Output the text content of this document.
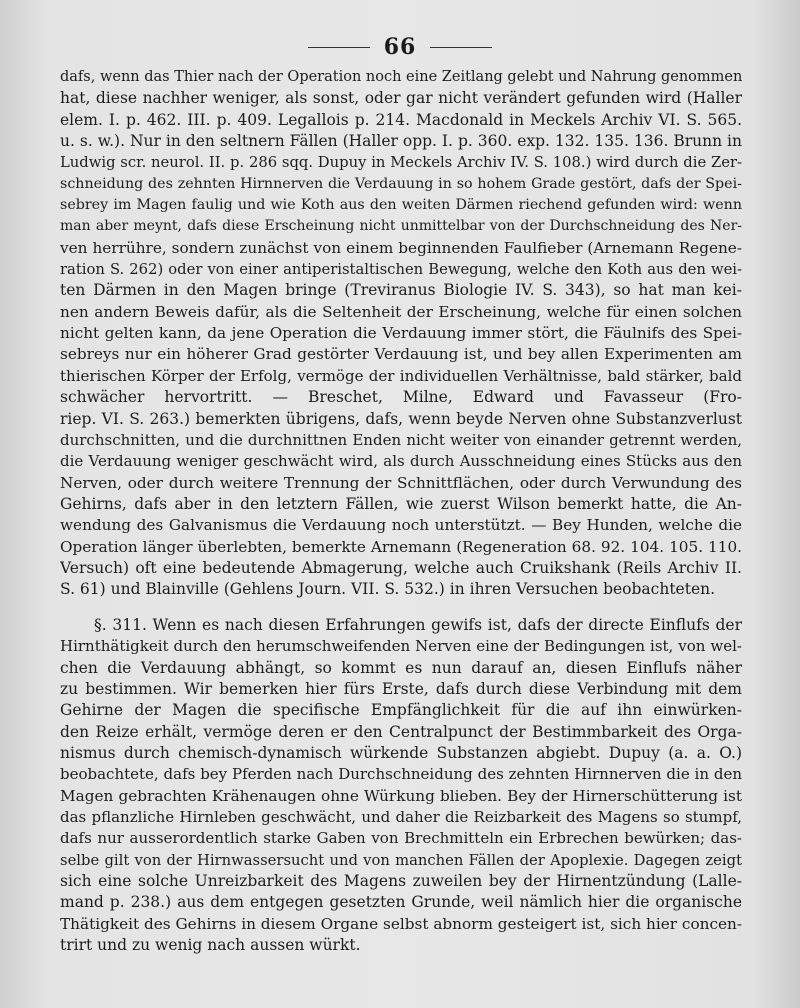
66
dafs, wenn das Thier nach der Operation noch eine Zeitlang gelebt und Nahrung genommen
hat, diese nachher weniger, als sonst, oder gar nicht verändert gefunden wird (Haller
elem. I. p. 462. III. p. 409. Legallois p. 214. Macdonald in Meckels Archiv VI. S. 565.
u. s. w.). Nur in den seltnern Fällen (Haller opp. I. p. 360. exp. 132. 135. 136. Brunn in
Ludwig scr. neurol. II. p. 286 sqq. Dupuy in Meckels Archiv IV. S. 108.) wird durch die Zer-
schneidung des zehnten Hirnnerven die Verdauung in so hohem Grade gestört, dafs der Spei-
sebrey im Magen faulig und wie Koth aus den weiten Därmen riechend gefunden wird: wenn
man aber meynt, dafs diese Erscheinung nicht unmittelbar von der Durchschneidung des Ner-
ven herrühre, sondern zunächst von einem beginnenden Faulfieber (Arnemann Regene-
ration S. 262) oder von einer antiperistaltischen Bewegung, welche den Koth aus den wei-
ten Därmen in den Magen bringe (Treviranus Biologie IV. S. 343), so hat man kei-
nen andern Beweis dafür, als die Seltenheit der Erscheinung, welche für einen solchen
nicht gelten kann, da jene Operation die Verdauung immer stört, die Fäulnifs des Spei-
sebreys nur ein höherer Grad gestörter Verdauung ist, und bey allen Experimenten am
thierischen Körper der Erfolg, vermöge der individuellen Verhältnisse, bald stärker, bald
schwächer hervortritt. — Breschet, Milne, Edward und Favasseur (Fro-
riep. VI. S. 263.) bemerkten übrigens, dafs, wenn beyde Nerven ohne Substanzverlust
durchschnitten, und die durchnittnen Enden nicht weiter von einander getrennt werden,
die Verdauung weniger geschwächt wird, als durch Ausschneidung eines Stücks aus den
Nerven, oder durch weitere Trennung der Schnittflächen, oder durch Verwundung des
Gehirns, dafs aber in den letztern Fällen, wie zuerst Wilson bemerkt hatte, die An-
wendung des Galvanismus die Verdauung noch unterstützt. — Bey Hunden, welche die
Operation länger überlebten, bemerkte Arnemann (Regeneration 68. 92. 104. 105. 110.
Versuch) oft eine bedeutende Abmagerung, welche auch Cruikshank (Reils Archiv II.
S. 61) und Blainville (Gehlens Journ. VII. S. 532.) in ihren Versuchen beobachteten.
§. 311. Wenn es nach diesen Erfahrungen gewifs ist, dafs der directe Einflufs der
Hirnthätigkeit durch den herumschweifenden Nerven eine der Bedingungen ist, von wel-
chen die Verdauung abhängt, so kommt es nun darauf an, diesen Einflufs näher
zu bestimmen. Wir bemerken hier fürs Erste, dafs durch diese Verbindung mit dem
Gehirne der Magen die specifische Empfänglichkeit für die auf ihn einwürken-
den Reize erhält, vermöge deren er den Centralpunct der Bestimmbarkeit des Orga-
nismus durch chemisch-dynamisch würkende Substanzen abgiebt. Dupuy (a. a. O.)
beobachtete, dafs bey Pferden nach Durchschneidung des zehnten Hirnnerven die in den
Magen gebrachten Krähenaugen ohne Würkung blieben. Bey der Hirnerschütterung ist
das pflanzliche Hirnleben geschwächt, und daher die Reizbarkeit des Magens so stumpf,
dafs nur ausserordentlich starke Gaben von Brechmitteln ein Erbrechen bewürken; das-
selbe gilt von der Hirnwassersucht und von manchen Fällen der Apoplexie. Dagegen zeigt
sich eine solche Unreizbarkeit des Magens zuweilen bey der Hirnentzündung (Lalle-
mand p. 238.) aus dem entgegen gesetzten Grunde, weil nämlich hier die organische
Thätigkeit des Gehirns in diesem Organe selbst abnorm gesteigert ist, sich hier concen-
trirt und zu wenig nach aussen würkt.
